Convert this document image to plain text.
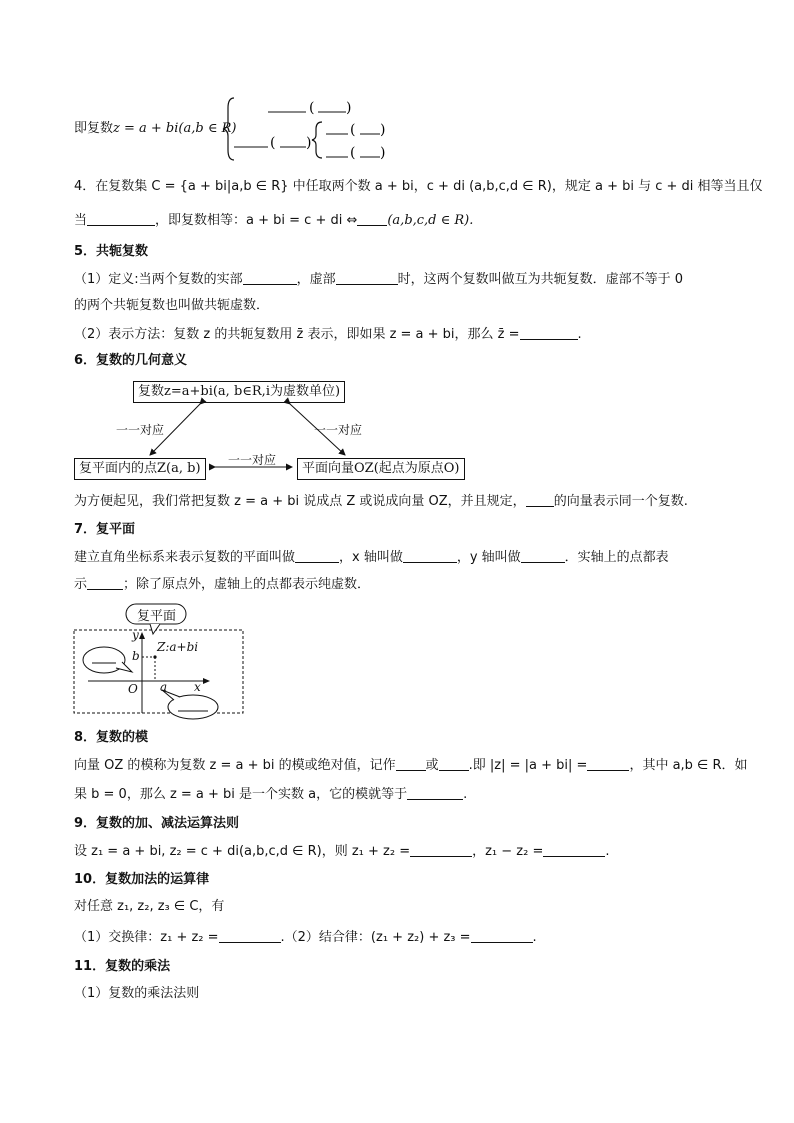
即复数z = a + bi(a,b ∈ R)
( )
( )
( )
( )
4．在复数集 C = {a + bi|a,b ∈ R} 中任取两个数 a + bi，c + di (a,b,c,d ∈ R)，规定 a + bi 与 c + di 相等当且仅
当	，即复数相等：a + bi = c + di ⇔ (a,b,c,d ∈ R).
5．共轭复数
（1）定义:当两个复数的实部	，虚部	时，这两个复数叫做互为共轭复数．虚部不等于 0
的两个共轭复数也叫做共轭虚数．
（2）表示方法：复数 z 的共轭复数用 z̄ 表示，即如果 z = a + bi，那么 z̄ =	.
6．复数的几何意义
复数z=a+bi(a, b∈R,i为虚数单位)
复平面内的点Z(a, b)	平面向量OZ(起点为原点O)
一一对应	一一对应
一一对应
为方便起见，我们常把复数 z = a + bi 说成点 Z 或说成向量 OZ，并且规定， 的向量表示同一个复数.
7．复平面
建立直角坐标系来表示复数的平面叫做	，x 轴叫做	，y 轴叫做	．实轴上的点都表
示	；除了原点外，虚轴上的点都表示纯虚数．
复平面
y
b
Z:a+bi
O a x
8．复数的模
向量 OZ 的模称为复数 z = a + bi 的模或绝对值，记作 或 .即 |z| = |a + bi| =	，其中 a,b ∈ R．如
果 b = 0，那么 z = a + bi 是一个实数 a，它的模就等于	.
9．复数的加、减法运算法则
设 z₁ = a + bi, z₂ = c + di(a,b,c,d ∈ R)，则 z₁ + z₂ =	，z₁ − z₂ =	.
10．复数加法的运算律
对任意 z₁, z₂, z₃ ∈ C，有
（1）交换律：z₁ + z₂ =	.（2）结合律：(z₁ + z₂) + z₃ =	.
11．复数的乘法
（1）复数的乘法法则
